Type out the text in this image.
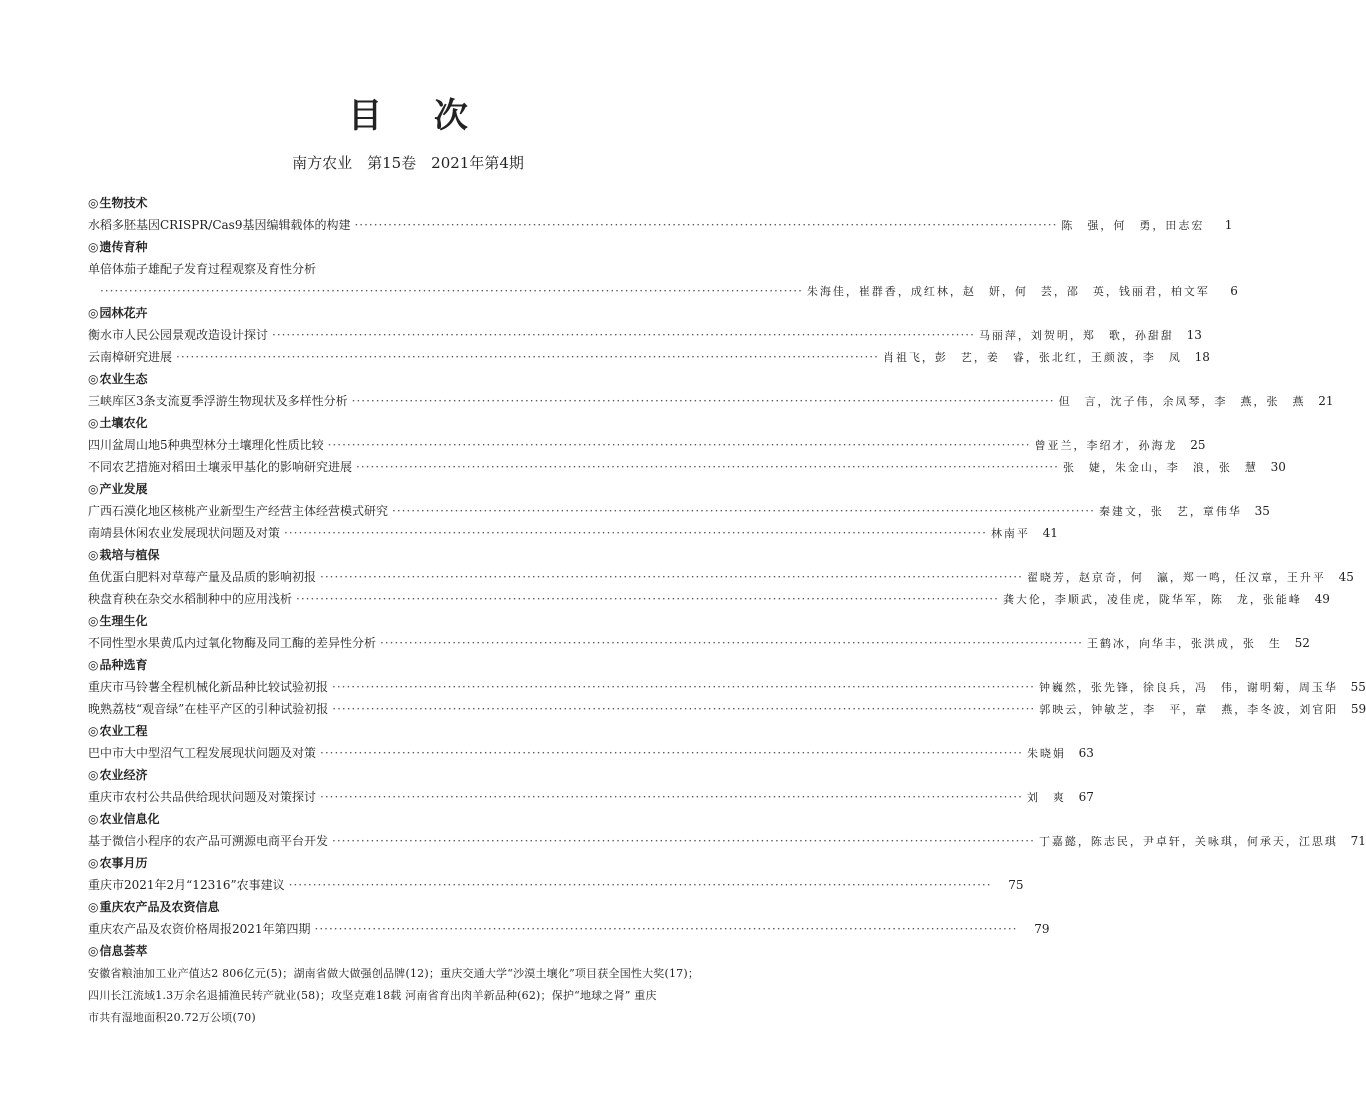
目 次
南方农业　第15卷　2021年第4期
◎生物技术
水稻多胚基因CRISPR/Cas9基因编辑载体的构建 ·················································································································································· 陈　强，何　勇，田志宏	1
◎遗传育种
单倍体茄子雄配子发育过程观察及育性分析
·················································································································································· 朱海佳，崔群香，成红林，赵　妍，何　芸，邵　英，钱丽君，柏文军	6
◎园林花卉
衡水市人民公园景观改造设计探讨 ·················································································································································· 马丽萍，刘贺明，郑　歌，孙甜甜	13
云南樟研究进展 ·················································································································································· 肖祖飞，彭　艺，姜　睿，张北红，王颜波，李　凤	18
◎农业生态
三峡库区3条支流夏季浮游生物现状及多样性分析 ·················································································································································· 但　言，沈子伟，余凤琴，李　燕，张　燕	21
◎土壤农化
四川盆周山地5种典型林分土壤理化性质比较 ·················································································································································· 曾亚兰，李绍才，孙海龙	25
不同农艺措施对稻田土壤汞甲基化的影响研究进展 ·················································································································································· 张　婕，朱金山，李　浪，张　慧	30
◎产业发展
广西石漠化地区核桃产业新型生产经营主体经营模式研究 ·················································································································································· 秦建文，张　艺，章伟华	35
南靖县休闲农业发展现状问题及对策 ·················································································································································· 林南平	41
◎栽培与植保
鱼优蛋白肥料对草莓产量及品质的影响初报 ·················································································································································· 翟晓芳，赵京奇，何　瀛，郑一鸣，任汉章，王升平	45
秧盘育秧在杂交水稻制种中的应用浅析 ·················································································································································· 龚大伦，李顺武，凌佳虎，陇华军，陈　龙，张能峰	49
◎生理生化
不同性型水果黄瓜内过氧化物酶及同工酶的差异性分析 ·················································································································································· 王鹤冰，向华丰，张洪成，张　生	52
◎品种选育
重庆市马铃薯全程机械化新品种比较试验初报 ·················································································································································· 钟巍然，张先锋，徐良兵，冯　伟，谢明菊，周玉华	55
晚熟荔枝“观音绿”在桂平产区的引种试验初报 ·················································································································································· 郭映云，钟敏芝，李　平，章　燕，李冬波，刘官阳	59
◎农业工程
巴中市大中型沼气工程发展现状问题及对策 ·················································································································································· 朱晓娟	63
◎农业经济
重庆市农村公共品供给现状问题及对策探讨 ·················································································································································· 刘　爽	67
◎农业信息化
基于微信小程序的农产品可溯源电商平台开发 ·················································································································································· 丁嘉懿，陈志民，尹卓轩，关咏琪，何承天，江思琪	71
◎农事月历
重庆市2021年2月“12316”农事建议 ··················································································································································	75
◎重庆农产品及农资信息
重庆农产品及农资价格周报2021年第四期 ··················································································································································	79
◎信息荟萃
安徽省粮油加工业产值达2 806亿元(5)；湖南省做大做强创品牌(12)；重庆交通大学“沙漠土壤化”项目获全国性大奖(17)；
四川长江流域1.3万余名退捕渔民转产就业(58)；攻坚克难18载 河南省育出肉羊新品种(62)；保护“地球之肾” 重庆
市共有湿地面积20.72万公顷(70)
